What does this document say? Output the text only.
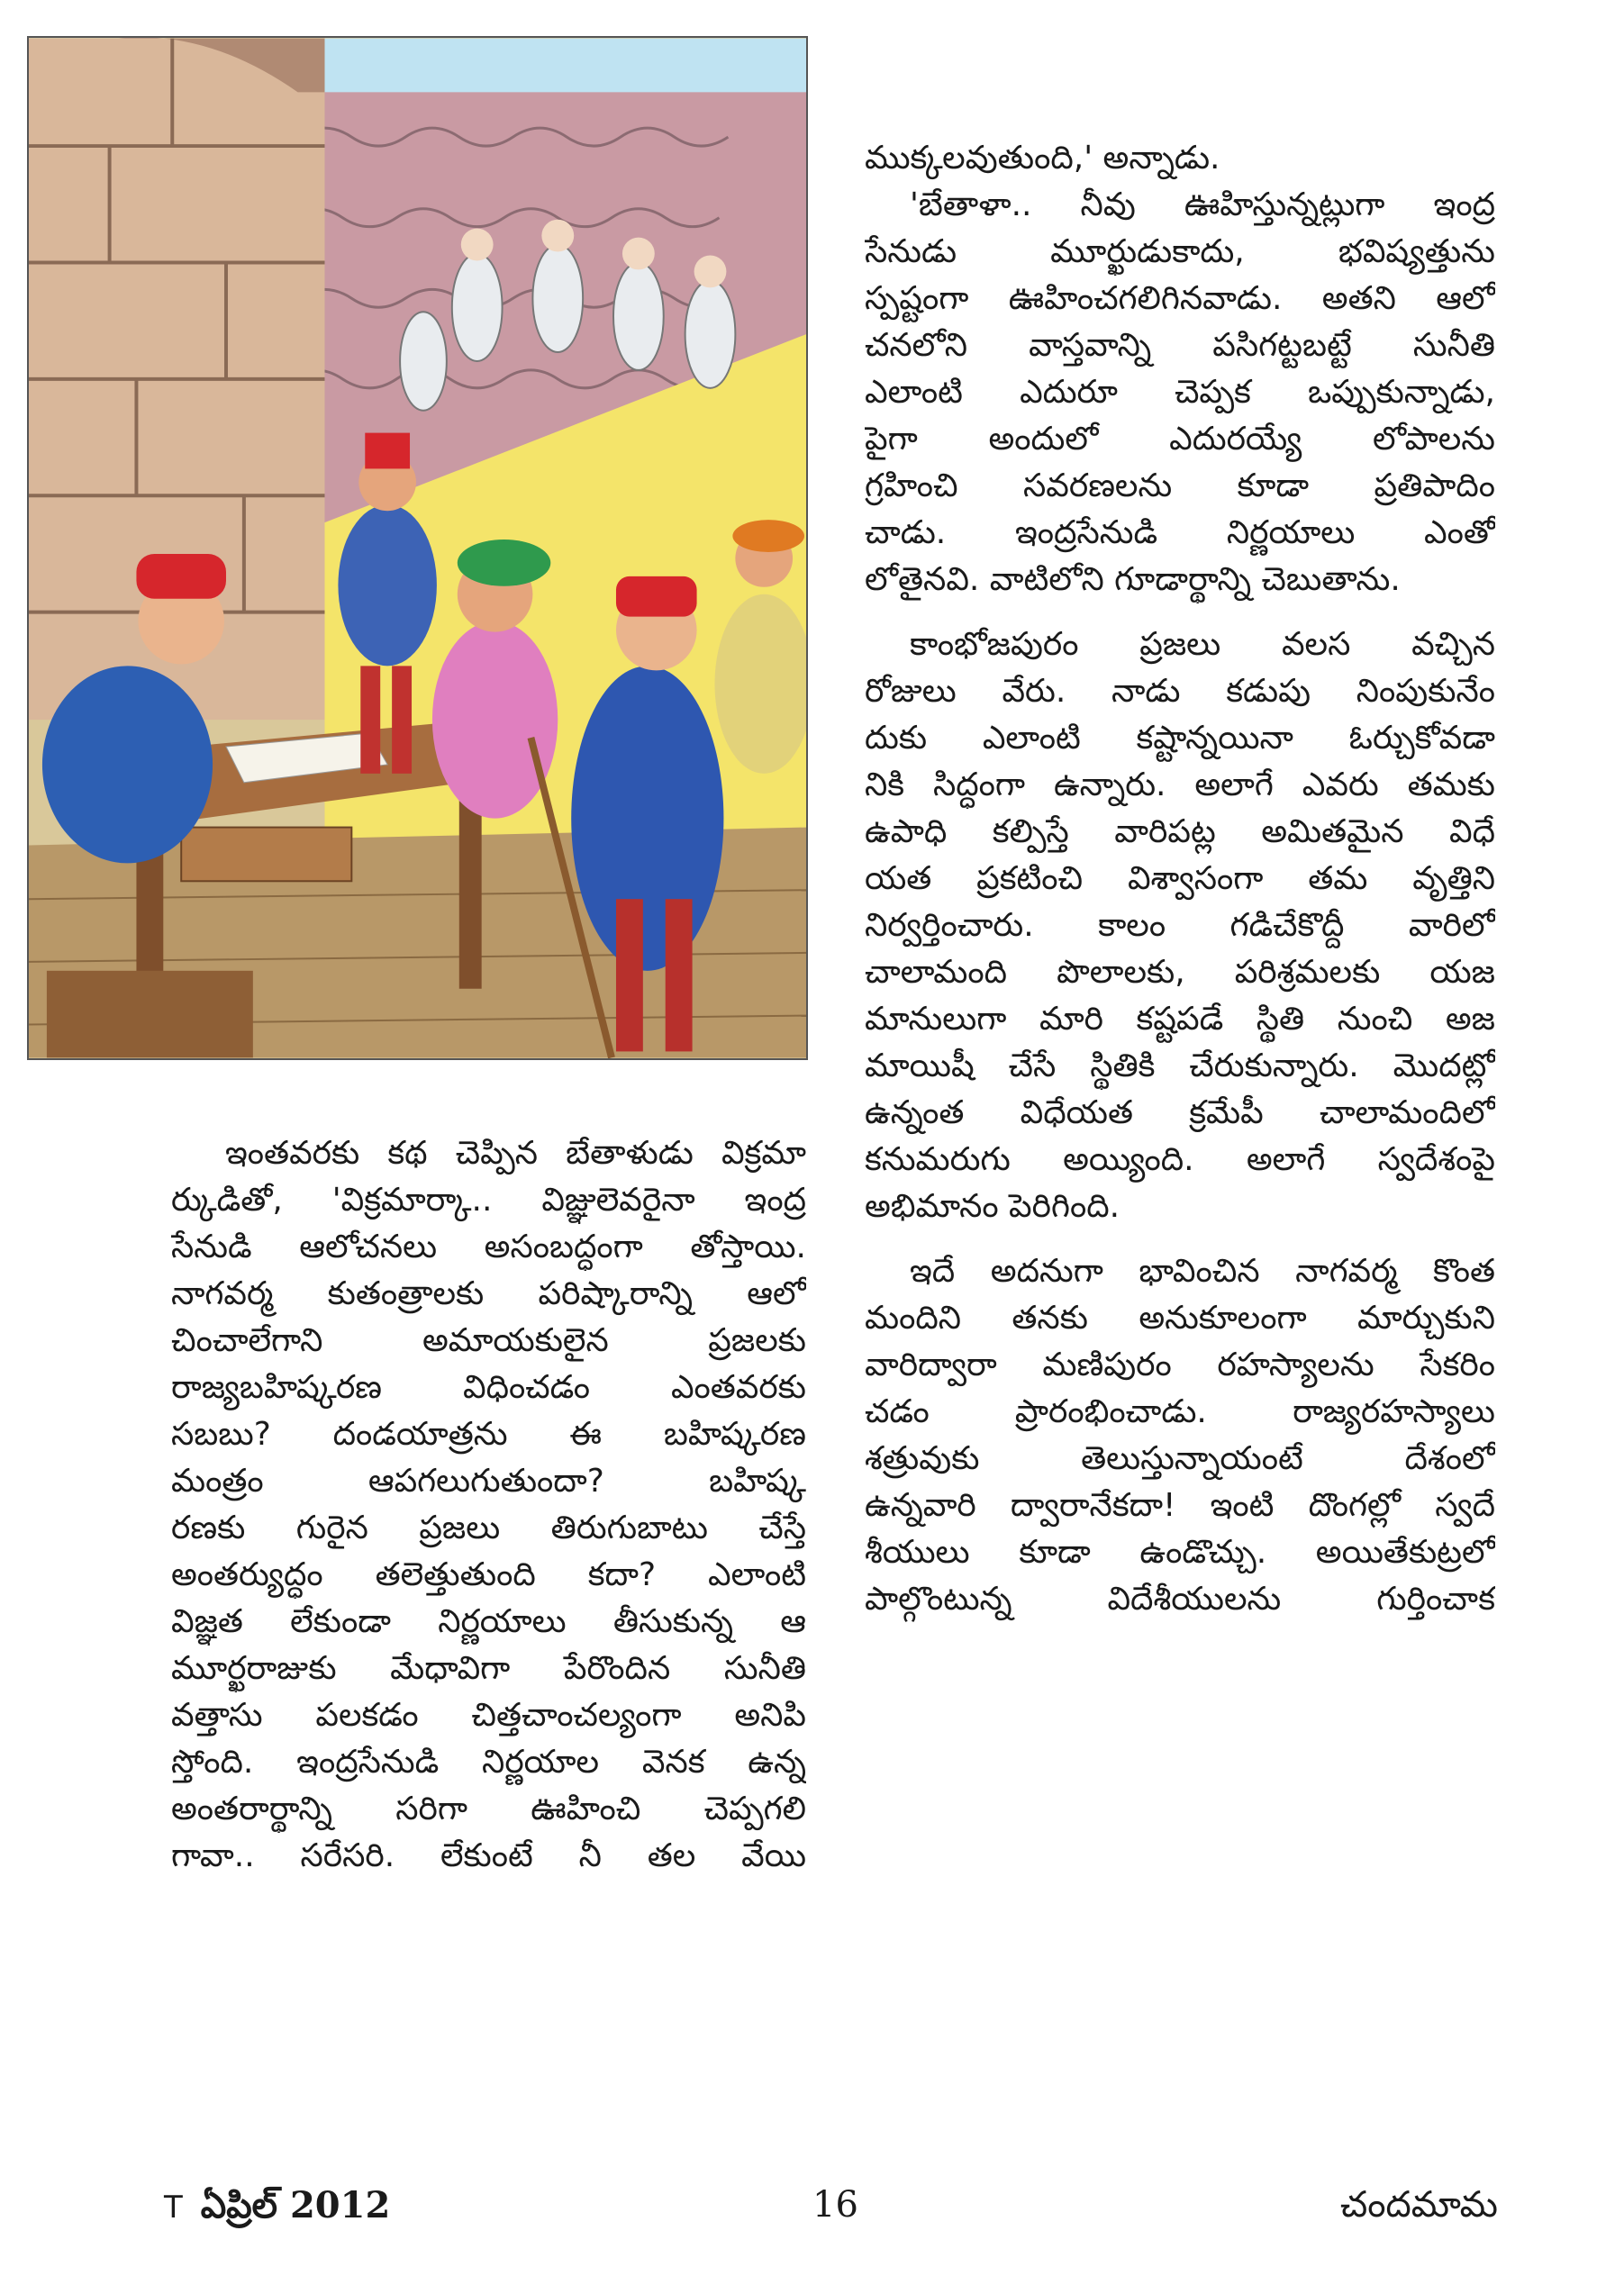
ఇంతవరకు కథ చెప్పిన బేతాళుడు విక్రమా
ర్కుడితో, 'విక్రమార్కా.. విజ్ఞులెవరైనా ఇంద్ర
సేనుడి ఆలోచనలు అసంబద్ధంగా తోస్తాయి.
నాగవర్మ కుతంత్రాలకు పరిష్కారాన్ని ఆలో
చించాలేగాని అమాయకులైన ప్రజలకు
రాజ్యబహిష్కరణ విధించడం ఎంతవరకు
సబబు? దండయాత్రను ఈ బహిష్కరణ
మంత్రం ఆపగలుగుతుందా? బహిష్క
రణకు గురైన ప్రజలు తిరుగుబాటు చేస్తే
అంతర్యుద్ధం తలెత్తుతుంది కదా? ఎలాంటి
విజ్ఞత లేకుండా నిర్ణయాలు తీసుకున్న ఆ
మూర్ఖరాజుకు మేధావిగా పేరొందిన సునీతి
వత్తాసు పలకడం చిత్తచాంచల్యంగా అనిపి
స్తోంది. ఇంద్రసేనుడి నిర్ణయాల వెనక ఉన్న
అంతరార్థాన్ని సరిగా ఊహించి చెప్పగలి
గావా.. సరేసరి. లేకుంటే నీ తల వేయి
ముక్కలవుతుంది,' అన్నాడు.
'బేతాళా.. నీవు ఊహిస్తున్నట్లుగా ఇంద్ర
సేనుడు మూర్ఖుడుకాదు, భవిష్యత్తును
స్పష్టంగా ఊహించగలిగినవాడు. అతని ఆలో
చనలోని వాస్తవాన్ని పసిగట్టబట్టే సునీతి
ఎలాంటి ఎదురూ చెప్పక ఒప్పుకున్నాడు,
పైగా అందులో ఎదురయ్యే లోపాలను
గ్రహించి సవరణలను కూడా ప్రతిపాదిం
చాడు. ఇంద్రసేనుడి నిర్ణయాలు ఎంతో
లోతైనవి. వాటిలోని గూడార్థాన్ని చెబుతాను.
కాంభోజపురం ప్రజలు వలస వచ్చిన
రోజులు వేరు. నాడు కడుపు నింపుకునేం
దుకు ఎలాంటి కష్టాన్నయినా ఓర్చుకోవడా
నికి సిద్ధంగా ఉన్నారు. అలాగే ఎవరు తమకు
ఉపాధి కల్పిస్తే వారిపట్ల అమితమైన విధే
యత ప్రకటించి విశ్వాసంగా తమ వృత్తిని
నిర్వర్తించారు. కాలం గడిచేకొద్దీ వారిలో
చాలామంది పొలాలకు, పరిశ్రమలకు యజ
మానులుగా మారి కష్టపడే స్థితి నుంచి అజ
మాయిషీ చేసే స్థితికి చేరుకున్నారు. మొదట్లో
ఉన్నంత విధేయత క్రమేపీ చాలామందిలో
కనుమరుగు అయ్యింది. అలాగే స్వదేశంపై
అభిమానం పెరిగింది.
ఇదే అదనుగా భావించిన నాగవర్మ కొంత
మందిని తనకు అనుకూలంగా మార్చుకుని
వారిద్వారా మణిపురం రహస్యాలను సేకరిం
చడం ప్రారంభించాడు. రాజ్యరహస్యాలు
శత్రువుకు తెలుస్తున్నాయంటే దేశంలో
ఉన్నవారి ద్వారానేకదా! ఇంటి దొంగల్లో స్వదే
శీయులు కూడా ఉండొచ్చు. అయితేకుట్రలో
పాల్గొంటున్న విదేశీయులను గుర్తించాక
T ఏప్రిల్ 2012	16	చందమామ
